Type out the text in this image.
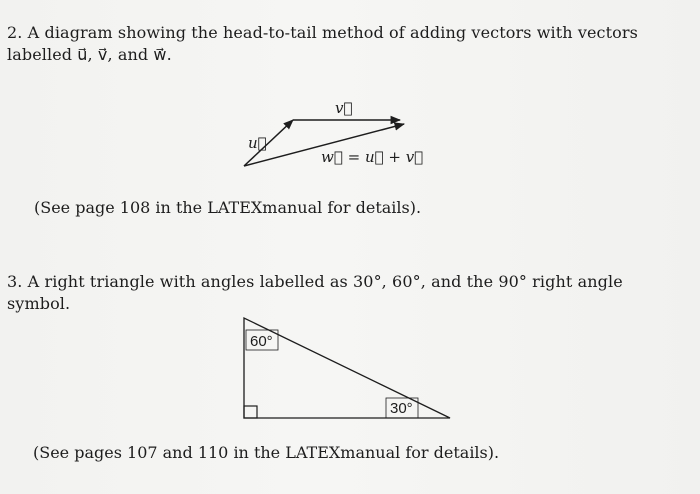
2. A diagram showing the head-to-tail method of adding vectors with vectors
labelled u⃗, v⃗, and w⃗.
u⃗
v⃗
w⃗ = u⃗ + v⃗
(See page 108 in the LATEXmanual for details).
3. A right triangle with angles labelled as 30°, 60°, and the 90° right angle
symbol.
60°
30°
(See pages 107 and 110 in the LATEXmanual for details).
